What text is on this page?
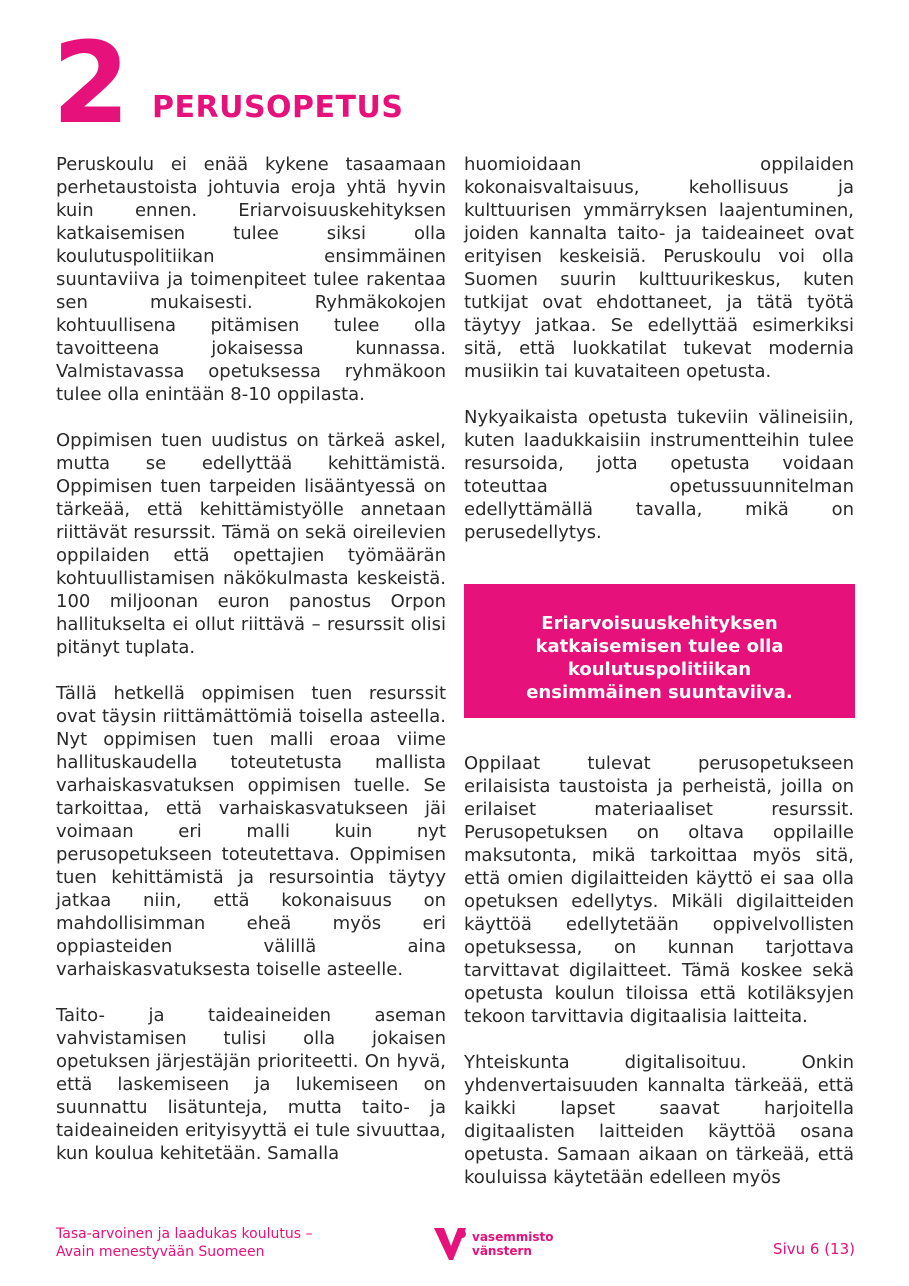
2 PERUSOPETUS

Peruskoulu ei enää kykene tasaamaan perhetaustoista johtuvia eroja yhtä hyvin kuin ennen. Eriarvoisuuskehityksen katkaisemisen tulee siksi olla koulutuspolitiikan ensimmäinen suuntaviiva ja toimenpiteet tulee rakentaa sen mukaisesti. Ryhmäkokojen kohtuullisena pitämisen tulee olla tavoitteena jokaisessa kunnassa. Valmistavassa opetuksessa ryhmäkoon tulee olla enintään 8-10 oppilasta.

Oppimisen tuen uudistus on tärkeä askel, mutta se edellyttää kehittämistä. Oppimisen tuen tarpeiden lisääntyessä on tärkeää, että kehittämistyölle annetaan riittävät resurssit. Tämä on sekä oireilevien oppilaiden että opettajien työmäärän kohtuullistamisen näkökulmasta keskeistä. 100 miljoonan euron panostus Orpon hallitukselta ei ollut riittävä – resurssit olisi pitänyt tuplata.

Tällä hetkellä oppimisen tuen resurssit ovat täysin riittämättömiä toisella asteella. Nyt oppimisen tuen malli eroaa viime hallituskaudella toteutetusta mallista varhaiskasvatuksen oppimisen tuelle. Se tarkoittaa, että varhaiskasvatukseen jäi voimaan eri malli kuin nyt perusopetukseen toteutettava. Oppimisen tuen kehittämistä ja resursointia täytyy jatkaa niin, että kokonaisuus on mahdollisimman eheä myös eri oppiasteiden välillä aina varhaiskasvatuksesta toiselle asteelle.

Taito- ja taideaineiden aseman vahvistamisen tulisi olla jokaisen opetuksen järjestäjän prioriteetti. On hyvä, että laskemiseen ja lukemiseen on suunnattu lisätunteja, mutta taito- ja taideaineiden erityisyyttä ei tule sivuuttaa, kun koulua kehitetään. Samalla

huomioidaan oppilaiden kokonaisvaltaisuus, kehollisuus ja kulttuurisen ymmärryksen laajentuminen, joiden kannalta taito- ja taideaineet ovat erityisen keskeisiä. Peruskoulu voi olla Suomen suurin kulttuurikeskus, kuten tutkijat ovat ehdottaneet, ja tätä työtä täytyy jatkaa. Se edellyttää esimerkiksi sitä, että luokkatilat tukevat modernia musiikin tai kuvataiteen opetusta.

Nykyaikaista opetusta tukeviin välineisiin, kuten laadukkaisiin instrumentteihin tulee resursoida, jotta opetusta voidaan toteuttaa opetussuunnitelman edellyttämällä tavalla, mikä on perusedellytys.

Eriarvoisuuskehityksen katkaisemisen tulee olla koulutuspolitiikan ensimmäinen suuntaviiva.

Oppilaat tulevat perusopetukseen erilaisista taustoista ja perheistä, joilla on erilaiset materiaaliset resurssit. Perusopetuksen on oltava oppilaille maksutonta, mikä tarkoittaa myös sitä, että omien digilaitteiden käyttö ei saa olla opetuksen edellytys. Mikäli digilaitteiden käyttöä edellytetään oppivelvollisten opetuksessa, on kunnan tarjottava tarvittavat digilaitteet. Tämä koskee sekä opetusta koulun tiloissa että kotiläksyjen tekoon tarvittavia digitaalisia laitteita.

Yhteiskunta digitalisoituu. Onkin yhdenvertaisuuden kannalta tärkeää, että kaikki lapset saavat harjoitella digitaalisten laitteiden käyttöä osana opetusta. Samaan aikaan on tärkeää, että kouluissa käytetään edelleen myös

Tasa-arvoinen ja laadukas koulutus –
Avain menestyvään Suomeen
vasemmisto
vänstern	Sivu 6 (13)
